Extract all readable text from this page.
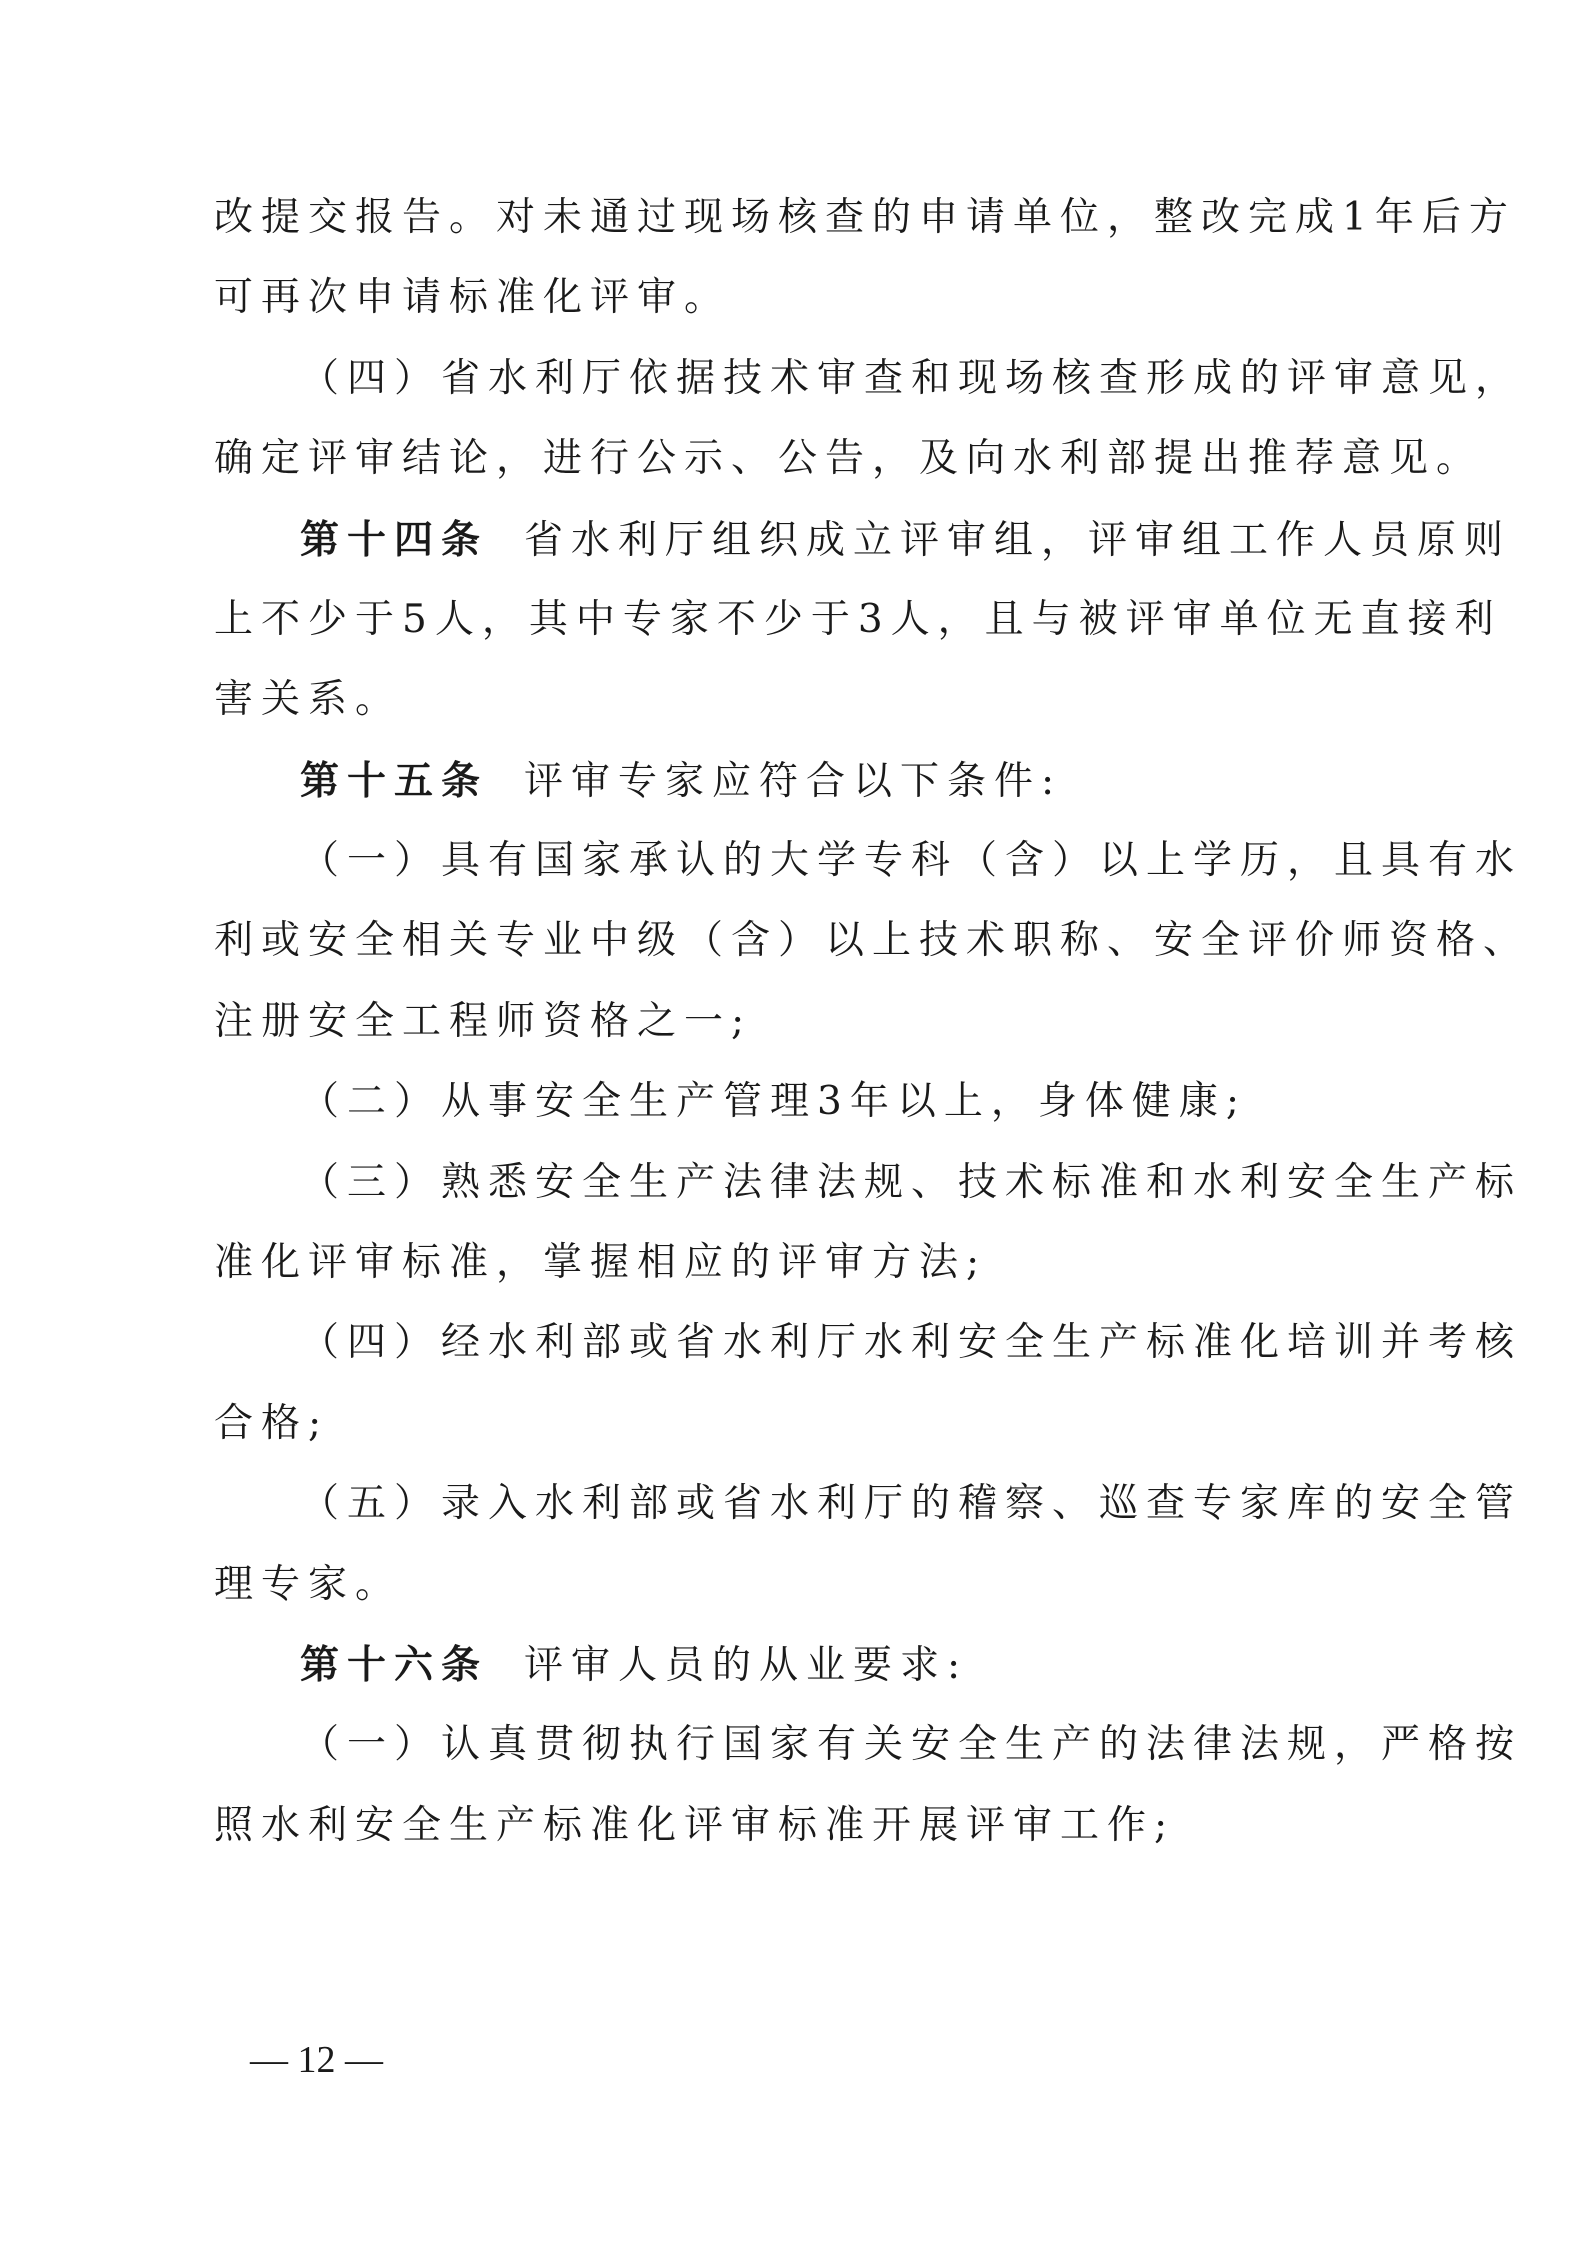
改提交报告。对未通过现场核查的申请单位，整改完成1年后方
可再次申请标准化评审。
（四）省水利厅依据技术审查和现场核查形成的评审意见，
确定评审结论，进行公示、公告，及向水利部提出推荐意见。
第十四条 省水利厅组织成立评审组，评审组工作人员原则
上不少于5人，其中专家不少于3人，且与被评审单位无直接利
害关系。
第十五条 评审专家应符合以下条件:
（一）具有国家承认的大学专科（含）以上学历，且具有水
利或安全相关专业中级（含）以上技术职称、安全评价师资格、
注册安全工程师资格之一;
（二）从事安全生产管理3年以上，身体健康;
（三）熟悉安全生产法律法规、技术标准和水利安全生产标
准化评审标准，掌握相应的评审方法;
（四）经水利部或省水利厅水利安全生产标准化培训并考核
合格;
（五）录入水利部或省水利厅的稽察、巡查专家库的安全管
理专家。
第十六条 评审人员的从业要求:
（一）认真贯彻执行国家有关安全生产的法律法规，严格按
照水利安全生产标准化评审标准开展评审工作;
— 12 —
